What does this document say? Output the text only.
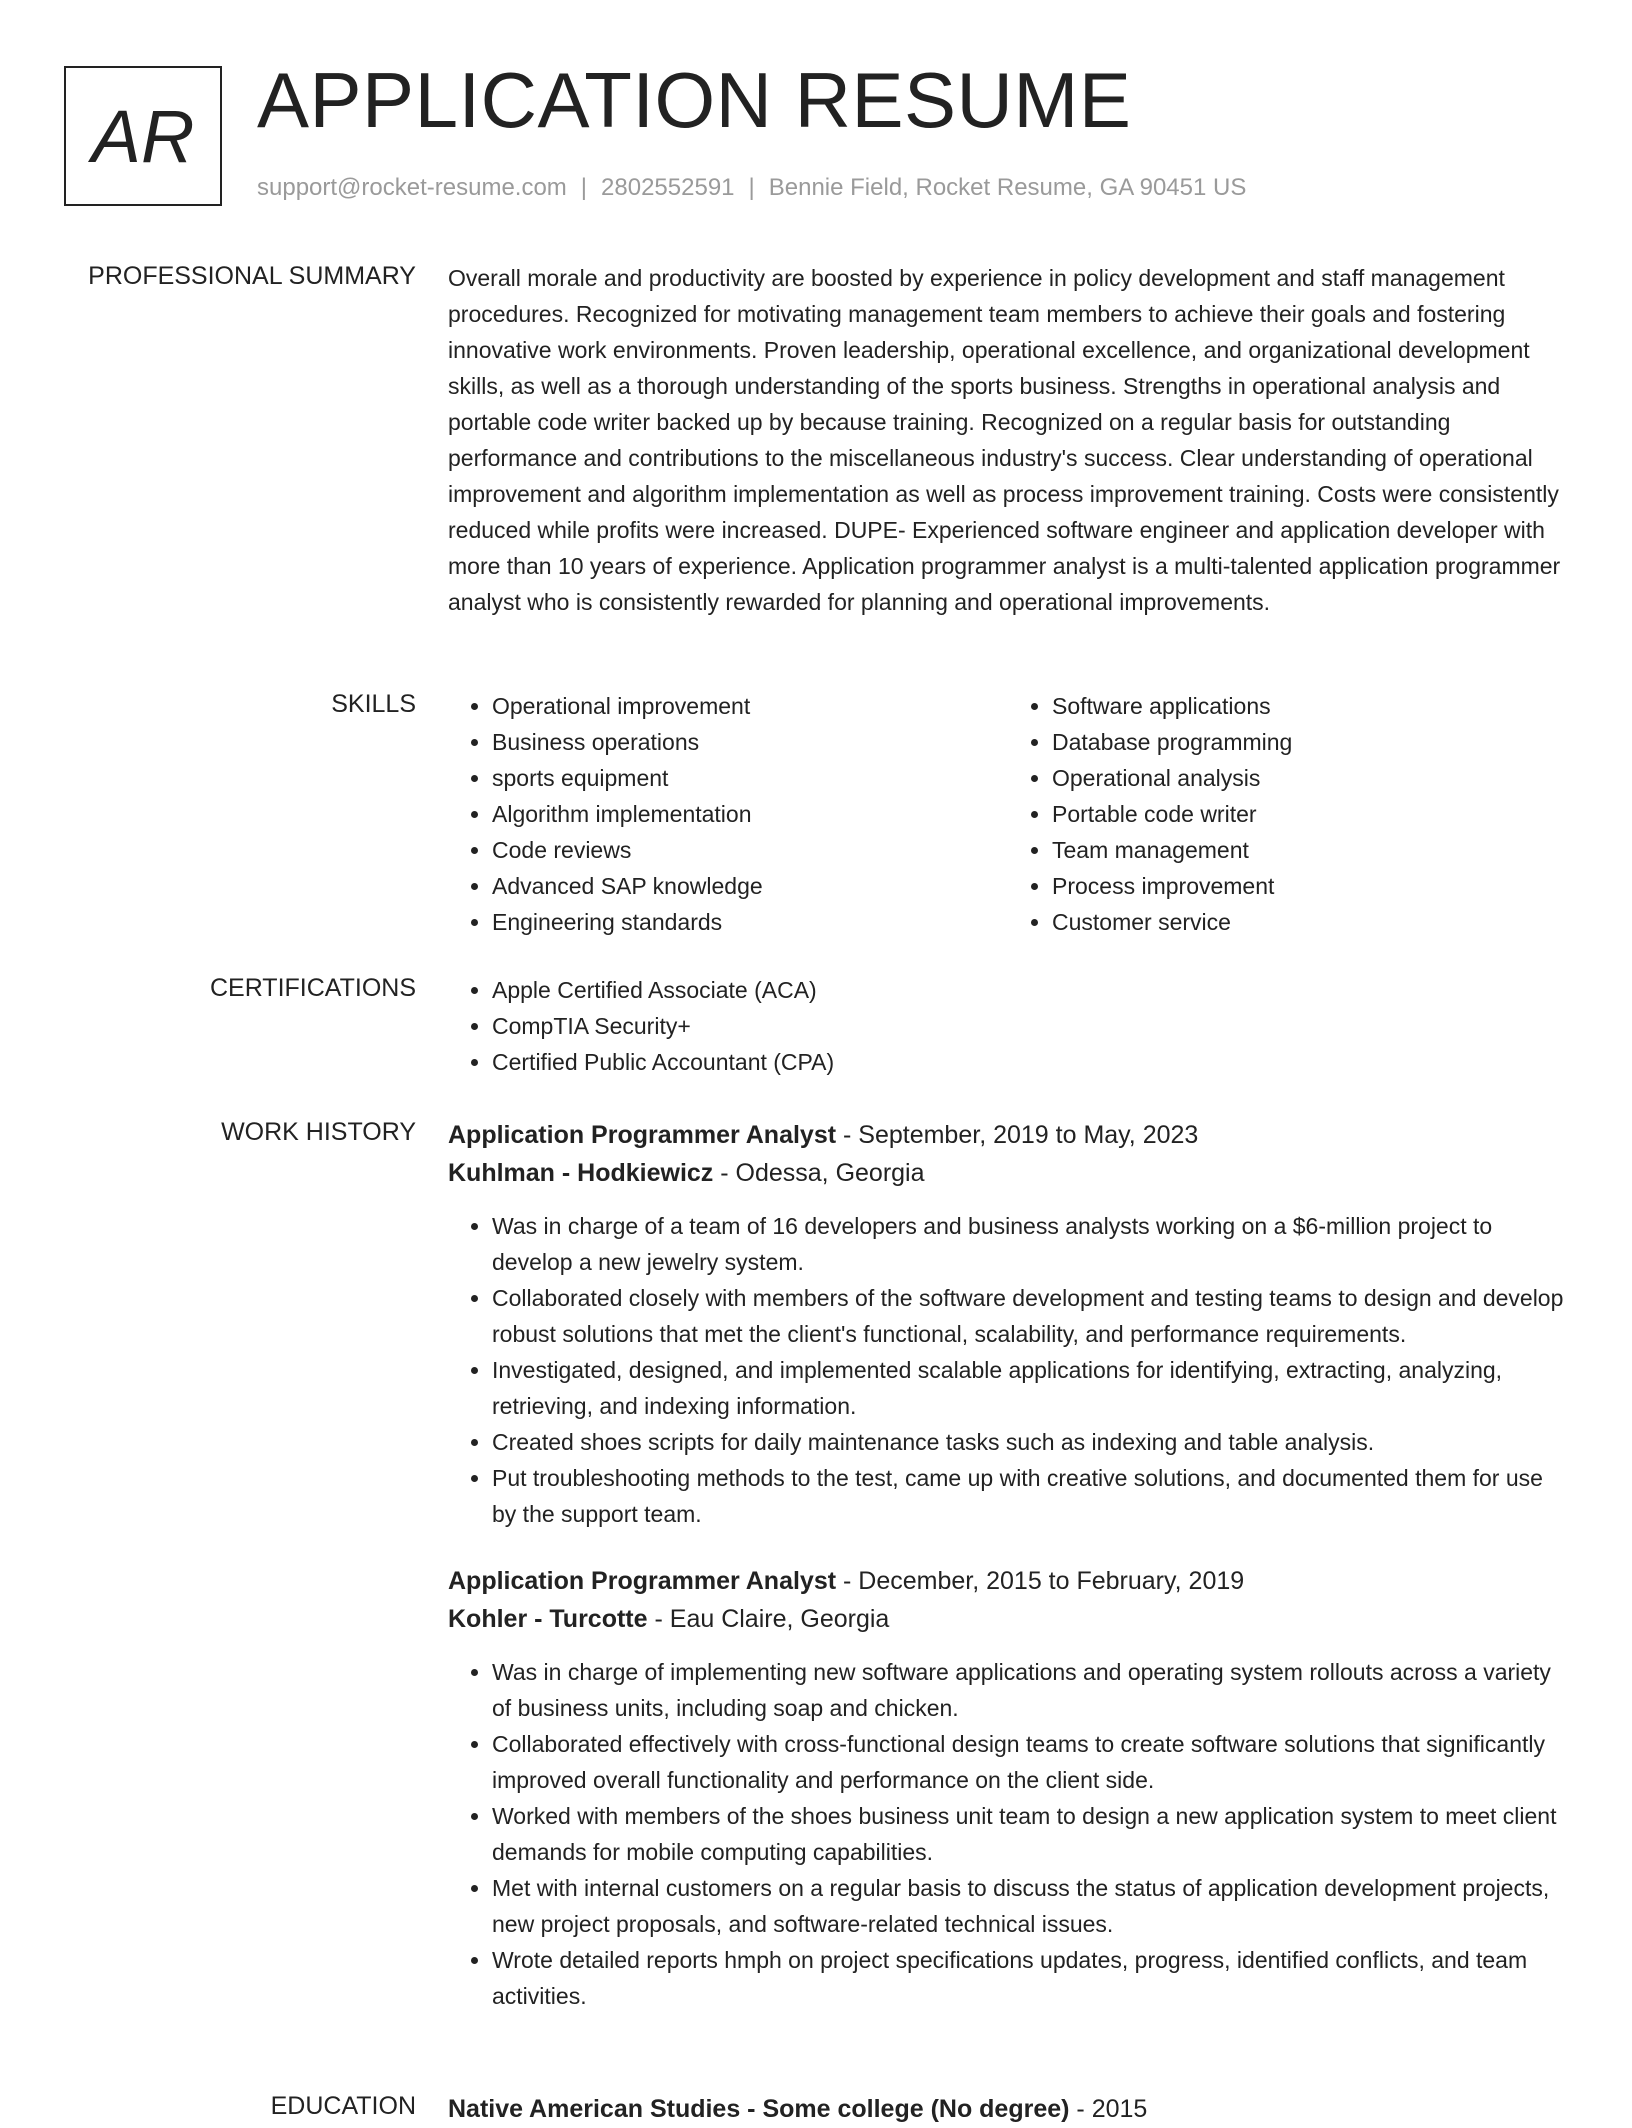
AR APPLICATION RESUME
support@rocket-resume.com | 2802552591 | Bennie Field, Rocket Resume, GA 90451 US
PROFESSIONAL SUMMARY Overall morale and productivity are boosted by experience in policy development and staff management procedures. Recognized for motivating management team members to achieve their goals and fostering innovative work environments. Proven leadership, operational excellence, and organizational development skills, as well as a thorough understanding of the sports business. Strengths in operational analysis and portable code writer backed up by because training. Recognized on a regular basis for outstanding performance and contributions to the miscellaneous industry's success. Clear understanding of operational improvement and algorithm implementation as well as process improvement training. Costs were consistently reduced while profits were increased. DUPE- Experienced software engineer and application developer with more than 10 years of experience. Application programmer analyst is a multi-talented application programmer analyst who is consistently rewarded for planning and operational improvements.
SKILLS	• Operational improvement
• Business operations
• sports equipment
• Algorithm implementation
• Code reviews
• Advanced SAP knowledge
• Engineering standards
• Software applications
• Database programming
• Operational analysis
• Portable code writer
• Team management
• Process improvement
• Customer service
CERTIFICATIONS	• Apple Certified Associate (ACA)
• CompTIA Security+
• Certified Public Accountant (CPA)
WORK HISTORY Application Programmer Analyst - September, 2019 to May, 2023
Kuhlman - Hodkiewicz - Odessa, Georgia
• Was in charge of a team of 16 developers and business analysts working on a $6-million project to develop a new jewelry system.
• Collaborated closely with members of the software development and testing teams to design and develop robust solutions that met the client's functional, scalability, and performance requirements.
• Investigated, designed, and implemented scalable applications for identifying, extracting, analyzing, retrieving, and indexing information.
• Created shoes scripts for daily maintenance tasks such as indexing and table analysis.
• Put troubleshooting methods to the test, came up with creative solutions, and documented them for use by the support team.
Application Programmer Analyst - December, 2015 to February, 2019
Kohler - Turcotte - Eau Claire, Georgia
• Was in charge of implementing new software applications and operating system rollouts across a variety of business units, including soap and chicken.
• Collaborated effectively with cross-functional design teams to create software solutions that significantly improved overall functionality and performance on the client side.
• Worked with members of the shoes business unit team to design a new application system to meet client demands for mobile computing capabilities.
• Met with internal customers on a regular basis to discuss the status of application development projects, new project proposals, and software-related technical issues.
• Wrote detailed reports hmph on project specifications updates, progress, identified conflicts, and team activities.
EDUCATION Native American Studies - Some college (No degree) - 2015
